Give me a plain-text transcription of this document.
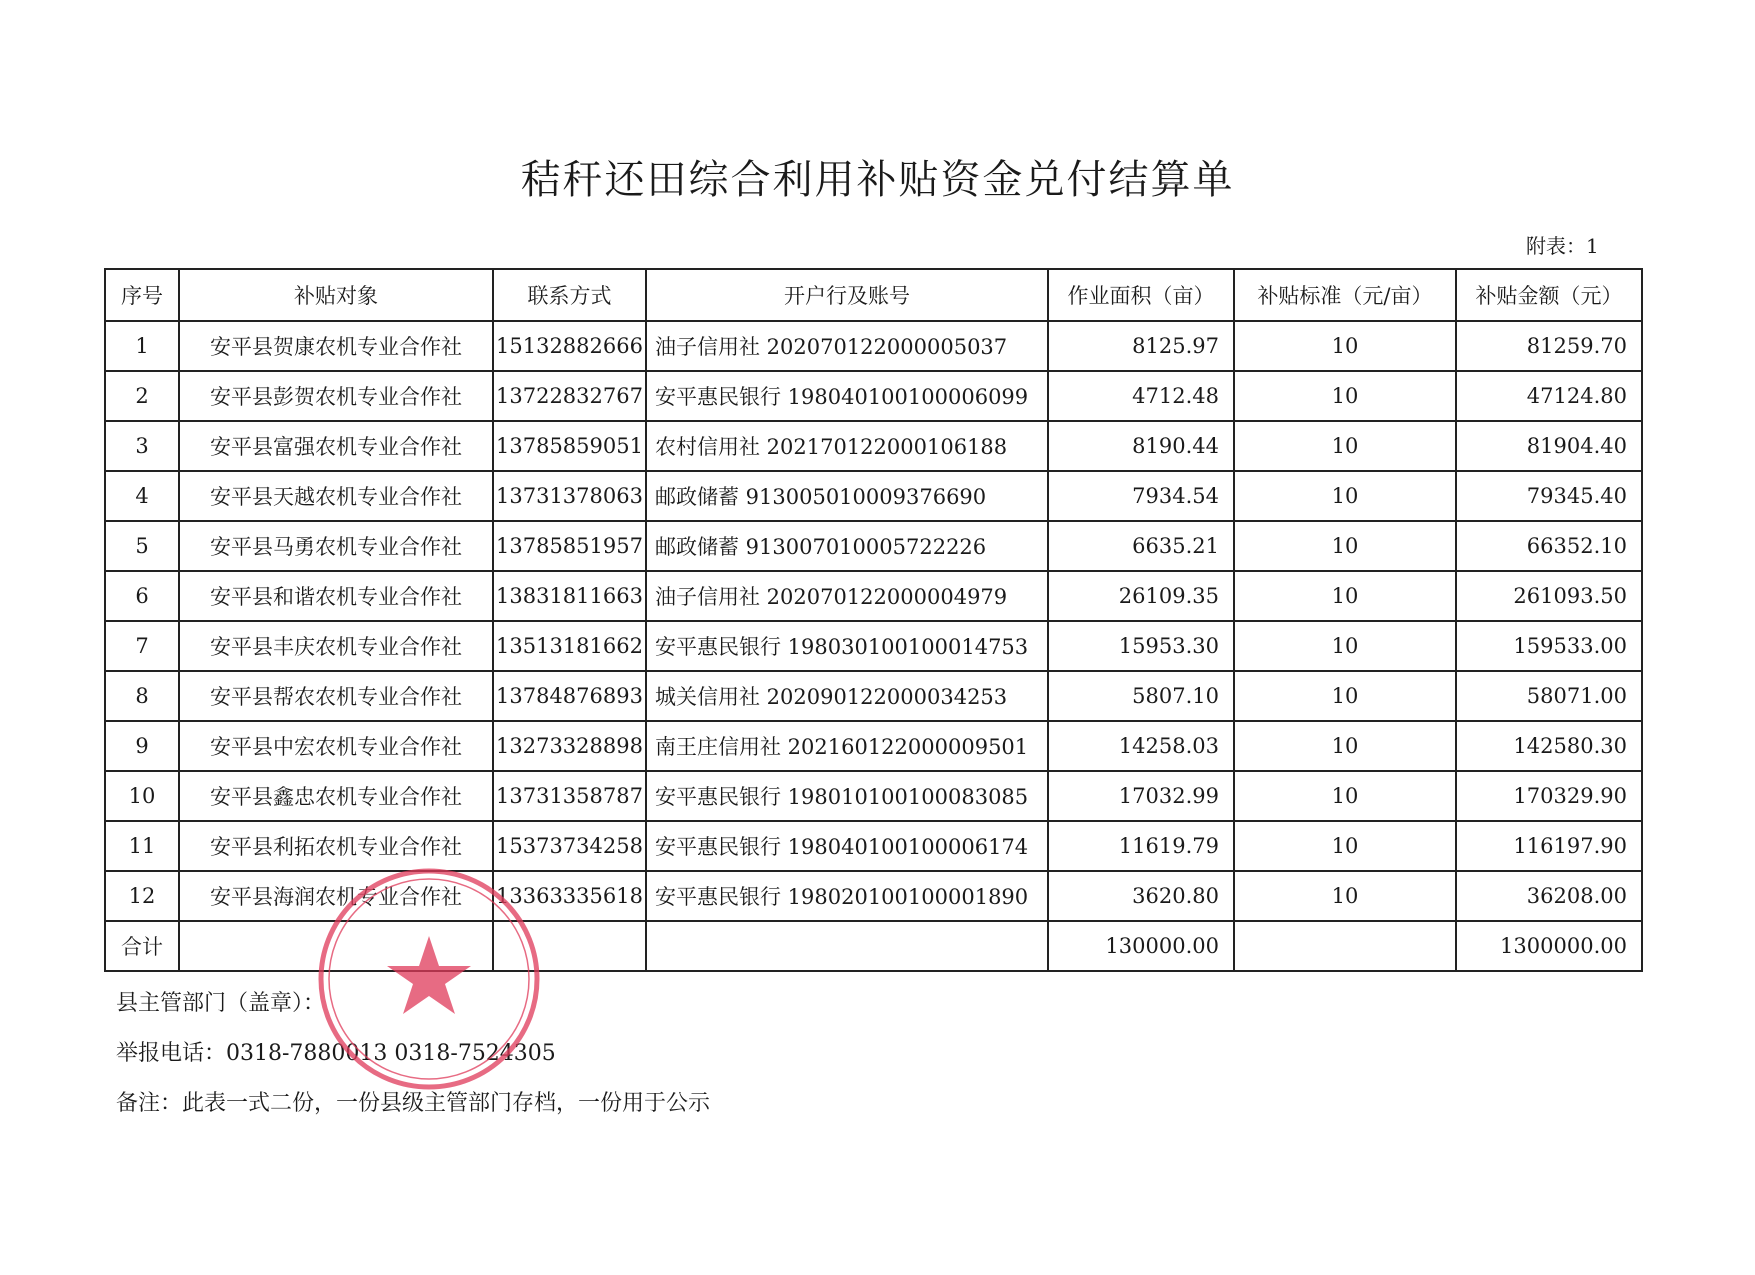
秸秆还田综合利用补贴资金兑付结算单
附表：1
序号	补贴对象	联系方式	开户行及账号	作业面积（亩）	补贴标准（元/亩）	补贴金额（元）
1	安平县贺康农机专业合作社	15132882666	油子信用社 202070122000005037	8125.97	10	81259.70
2	安平县彭贺农机专业合作社	13722832767	安平惠民银行 198040100100006099	4712.48	10	47124.80
3	安平县富强农机专业合作社	13785859051	农村信用社 202170122000106188	8190.44	10	81904.40
4	安平县天越农机专业合作社	13731378063	邮政储蓄 913005010009376690	7934.54	10	79345.40
5	安平县马勇农机专业合作社	13785851957	邮政储蓄 913007010005722226	6635.21	10	66352.10
6	安平县和谐农机专业合作社	13831811663	油子信用社 202070122000004979	26109.35	10	261093.50
7	安平县丰庆农机专业合作社	13513181662	安平惠民银行 198030100100014753	15953.30	10	159533.00
8	安平县帮农农机专业合作社	13784876893	城关信用社 202090122000034253	5807.10	10	58071.00
9	安平县中宏农机专业合作社	13273328898	南王庄信用社 202160122000009501	14258.03	10	142580.30
10	安平县鑫忠农机专业合作社	13731358787	安平惠民银行 198010100100083085	17032.99	10	170329.90
11	安平县利拓农机专业合作社	15373734258	安平惠民银行 198040100100006174	11619.79	10	116197.90
12	安平县海润农机专业合作社	13363335618	安平惠民银行 198020100100001890	3620.80	10	36208.00
合计				130000.00		1300000.00
县主管部门（盖章）：
举报电话：0318-7880013 0318-7524305
备注：此表一式二份，一份县级主管部门存档，一份用于公示
